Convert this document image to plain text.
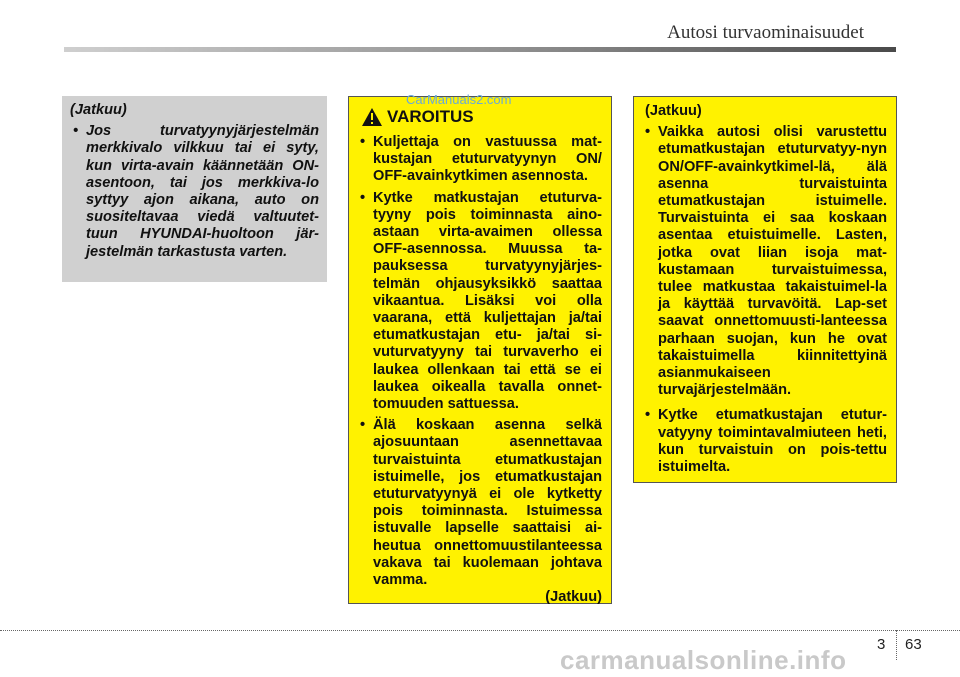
Autosi turvaominaisuudet
(Jatkuu)
• Jos turvatyynyjärjestelmän merkkivalo vilkkuu tai ei syty, kun virta-avain käännetään ON-asentoon, tai jos merkkiva-lo syttyy ajon aikana, auto on suositeltavaa viedä valtuutet-tuun HYUNDAI-huoltoon jär-jestelmän tarkastusta varten.
VAROITUS
• Kuljettaja on vastuussa mat-kustajan etuturvatyynyn ON/ OFF-avainkytkimen asennosta.
• Kytke matkustajan etuturva-tyyny pois toiminnasta aino-astaan virta-avaimen ollessa OFF-asennossa. Muussa ta-pauksessa turvatyynyjärjes-telmän ohjausyksikkö saattaa vikaantua. Lisäksi voi olla vaarana, että kuljettajan ja/tai etumatkustajan etu- ja/tai si-vuturvatyyny tai turvaverho ei laukea ollenkaan tai että se ei laukea oikealla tavalla onnet-tomuuden sattuessa.
• Älä koskaan asenna selkä ajosuuntaan asennettavaa turvaistuinta etumatkustajan istuimelle, jos etumatkustajan etuturvatyynyä ei ole kytketty pois toiminnasta. Istuimessa istuvalle lapselle saattaisi ai-heutua onnettomuustilanteessa vakava tai kuolemaan johtava vamma.
(Jatkuu)
(Jatkuu)
• Vaikka autosi olisi varustettu etumatkustajan etuturvatyy-nyn ON/OFF-avainkytkimel-lä, älä asenna turvaistuinta etumatkustajan istuimelle. Turvaistuinta ei saa koskaan asentaa etuistuimelle. Lasten, jotka ovat liian isoja mat-kustamaan turvaistuimessa, tulee matkustaa takaistuimel-la ja käyttää turvavöitä. Lap-set saavat onnettomuusti-lanteessa parhaan suojan, kun he ovat takaistuimella kiinnitettyinä asianmukaiseen turvajärjestelmään.
• Kytke etumatkustajan etutur-vatyyny toimintavalmiuteen heti, kun turvaistuin on pois-tettu istuimelta.
CarManuals2.com
3 63
carmanualsonline.info
